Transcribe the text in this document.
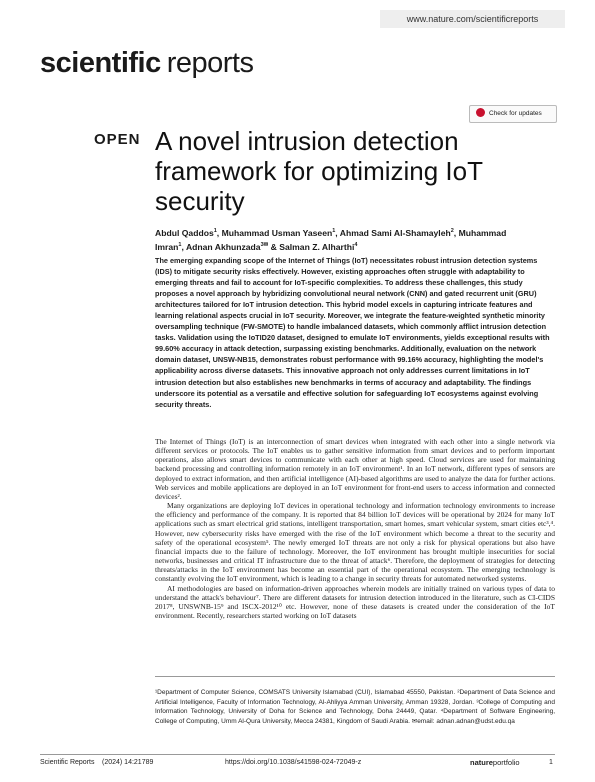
www.nature.com/scientificreports
scientific reports
Check for updates
OPEN A novel intrusion detection framework for optimizing IoT security
Abdul Qaddos$^1$, Muhammad Usman Yaseen$^1$, Ahmad Sami Al-Shamayleh$^2$, Muhammad Imran$^1$, Adnan Akhunzada$^{3✉}$ & Salman Z. Alharthi$^4$
The emerging expanding scope of the Internet of Things (IoT) necessitates robust intrusion detection systems (IDS) to mitigate security risks effectively. However, existing approaches often struggle with adaptability to emerging threats and fail to account for IoT-specific complexities. To address these challenges, this study proposes a novel approach by hybridizing convolutional neural network (CNN) and gated recurrent unit (GRU) architectures tailored for IoT intrusion detection. This hybrid model excels in capturing intricate features and learning relational aspects crucial in IoT security. Moreover, we integrate the feature-weighted synthetic minority oversampling technique (FW-SMOTE) to handle imbalanced datasets, which commonly afflict intrusion detection tasks. Validation using the IoTID20 dataset, designed to emulate IoT environments, yields exceptional results with 99.60% accuracy in attack detection, surpassing existing benchmarks. Additionally, evaluation on the network domain dataset, UNSW-NB15, demonstrates robust performance with 99.16% accuracy, highlighting the model's applicability across diverse datasets. This innovative approach not only addresses current limitations in IoT intrusion detection but also establishes new benchmarks in terms of accuracy and adaptability. The findings underscore its potential as a versatile and effective solution for safeguarding IoT ecosystems against evolving security threats.

The Internet of Things (IoT) is an interconnection of smart devices when integrated with each other into a single network via different services or protocols. The IoT enables us to gather sensitive information from smart devices and to perform important operations, also allows smart devices to communicate with each other at high speed. Cloud services are used for maintaining backend processing and controlling information remotely in an IoT environment¹. In an IoT network, different types of sensors are deployed to extract information, and then artificial intelligence (AI)-based algorithms are used to analyze the data for further actions. Web services and mobile applications are deployed in an IoT environment for front-end users to access information and connected devices².

Many organizations are deploying IoT devices in operational technology and information technology environments to increase the efficiency and performance of the company. It is reported that 84 billion IoT devices will be operational by 2024 for many IoT applications such as smart electrical grid stations, intelligent transportation, smart homes, smart vehicular system, smart cities etc³,⁴. However, new cybersecurity risks have emerged with the rise of the IoT environment which become a threat to the security and safety of the operational ecosystem⁵. The newly emerged IoT threats are not only a risk for physical operations but also have financial impacts due to the failure of technology. Moreover, the IoT environment has brought multiple insecurities for social networks, businesses and critical IT infrastructure due to the threat of attack⁶. Therefore, the deployment of strategies for detecting threats/attacks in the IoT environment has become an essential part of the operational ecosystem. The emerging technology is constantly evolving the IoT environment, which is leading to a change in security threats for automated networked systems.

AI methodologies are based on information-driven approaches wherein models are initially trained on various types of data to understand the attack's behaviour⁷. There are different datasets for intrusion detection introduced in the literature, such as CI-CIDS 2017⁸, UNSWNB-15⁹ and ISCX-2012¹⁰ etc. However, none of these datasets is created under the consideration of the IoT environment. Recently, researchers started working on IoT datasets

¹Department of Computer Science, COMSATS University Islamabad (CUI), Islamabad 45550, Pakistan. ²Department of Data Science and Artificial Intelligence, Faculty of Information Technology, Al-Ahliyya Amman University, Amman 19328, Jordan. ³College of Computing and Information Technology, University of Doha for Science and Technology, Doha 24449, Qatar. ⁴Department of Software Engineering, College of Computing, Umm Al-Qura University, Mecca 24381, Kingdom of Saudi Arabia. ✉email: adnan.adnan@udst.edu.qa
Scientific Reports (2024) 14:21789	https://doi.org/10.1038/s41598-024-72049-z	natureportfolio	1
